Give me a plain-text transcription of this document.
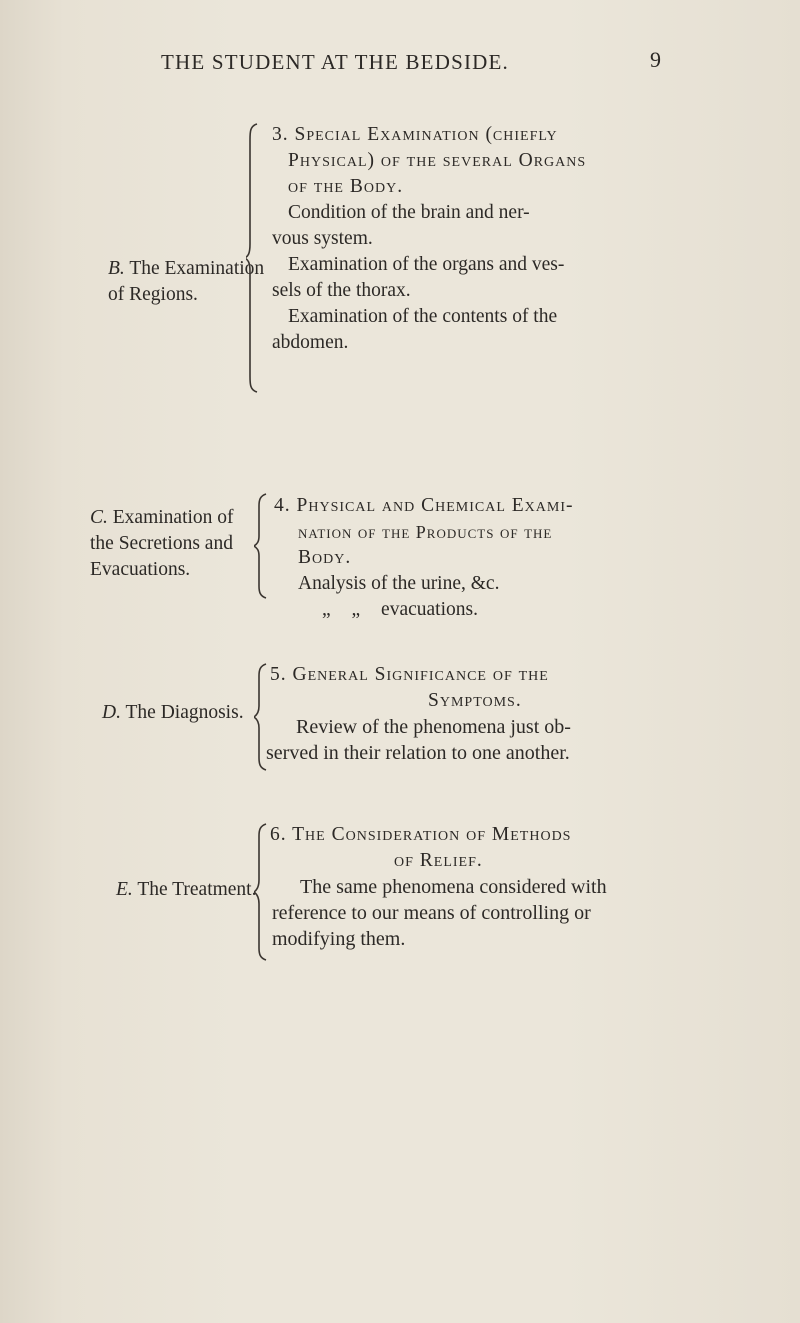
THE STUDENT AT THE BEDSIDE.	9
B. The Examination
of Regions.
3. Special Examination (chiefly
Physical) of the several Organs
of the Body.
Condition of the brain and ner-
vous system.
Examination of the organs and ves-
sels of the thorax.
Examination of the contents of the
abdomen.
C. Examination of
the Secretions and
Evacuations.
4. Physical and Chemical Exami-
nation of the Products of the
Body.
Analysis of the urine, &c.
„ „ evacuations.
D. The Diagnosis.
5. General Significance of the
Symptoms.
Review of the phenomena just ob-
served in their relation to one another.
E. The Treatment.
6. The Consideration of Methods
of Relief.
The same phenomena considered with
reference to our means of controlling or
modifying them.
